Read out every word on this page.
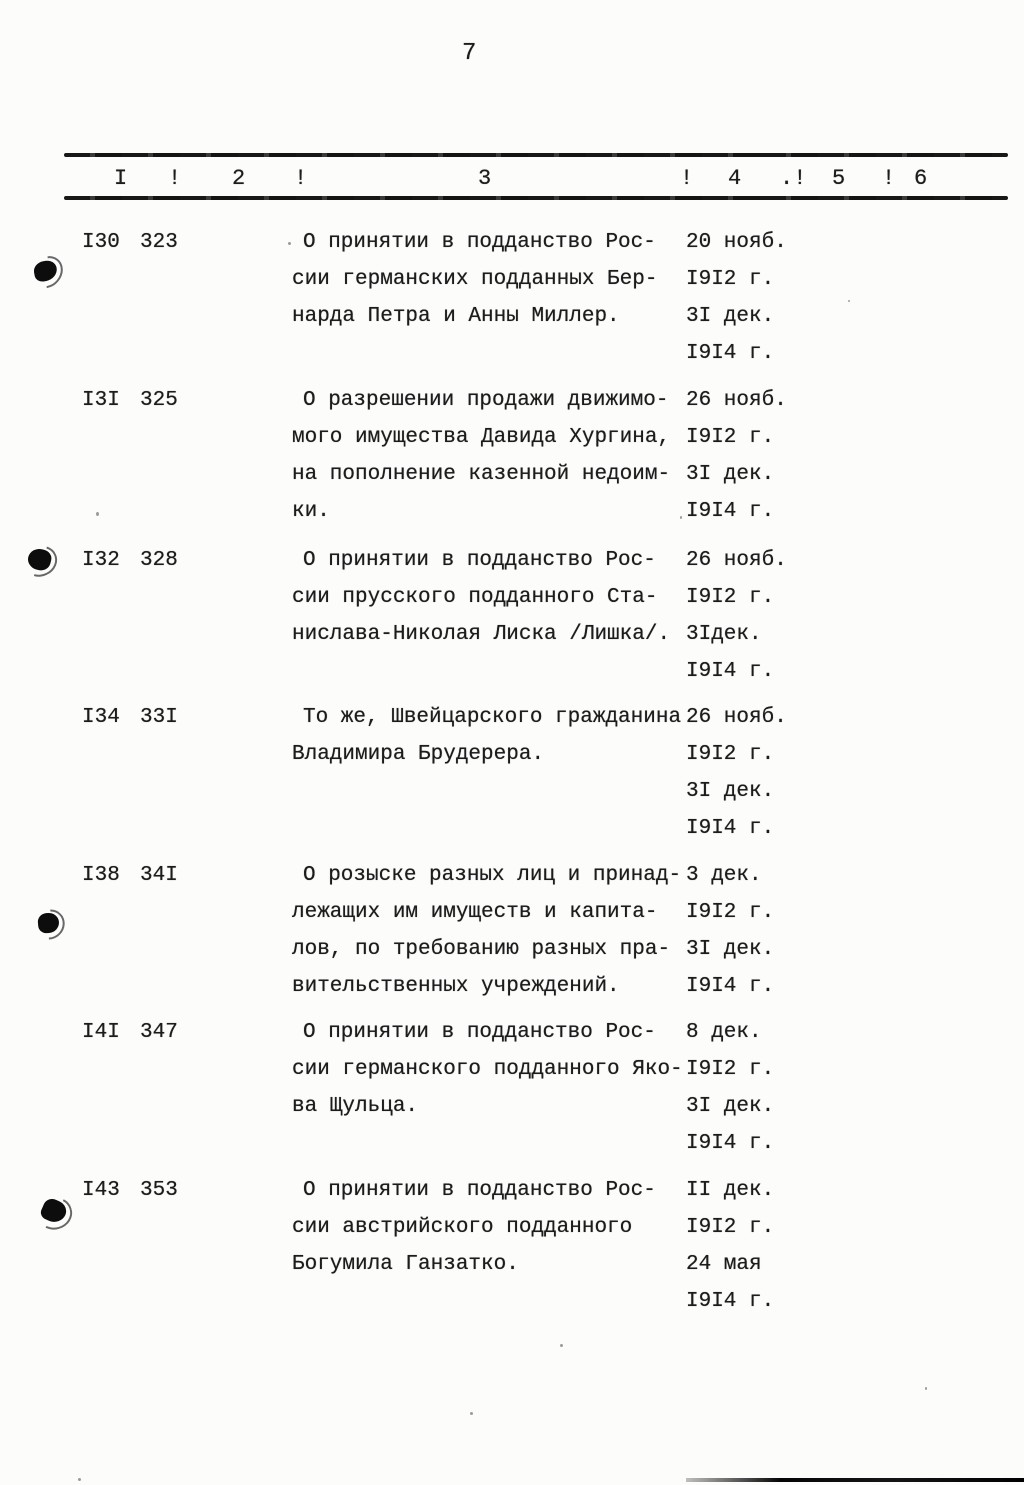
7
I ! 2 !	3	! 4 .! 5 ! 6
I30 323	О принятии в подданство Рос-
сии германских подданных Бер-
нарда Петра и Анны Миллер.
20 нояб.
I9I2 г.
3I дек.
I9I4 г.
I3I 325	О разрешении продажи движимо-
мого имущества Давида Хургина,
на пополнение казенной недоим-
ки.
26 нояб.
I9I2 г.
3I дек.
I9I4 г.
I32 328	О принятии в подданство Рос-
сии прусского подданного Ста-
нислава-Николая Лиска /Лишка/.
26 нояб.
I9I2 г.
3Iдек.
I9I4 г.
I34 33I	То же, Швейцарского гражданина
Владимира Брудерера.
26 нояб.
I9I2 г.
3I дек.
I9I4 г.
I38 34I	О розыске разных лиц и принад-
лежащих им имуществ и капита-
лов, по требованию разных пра-
вительственных учреждений.
3 дек.
I9I2 г.
3I дек.
I9I4 г.
I4I 347	О принятии в подданство Рос-
сии германского подданного Яко-
ва Щульца.
8 дек.
I9I2 г.
3I дек.
I9I4 г.
I43 353	О принятии в подданство Рос-
сии австрийского подданного
Богумила Ганзатко.
II дек.
I9I2 г.
24 мая
I9I4 г.
